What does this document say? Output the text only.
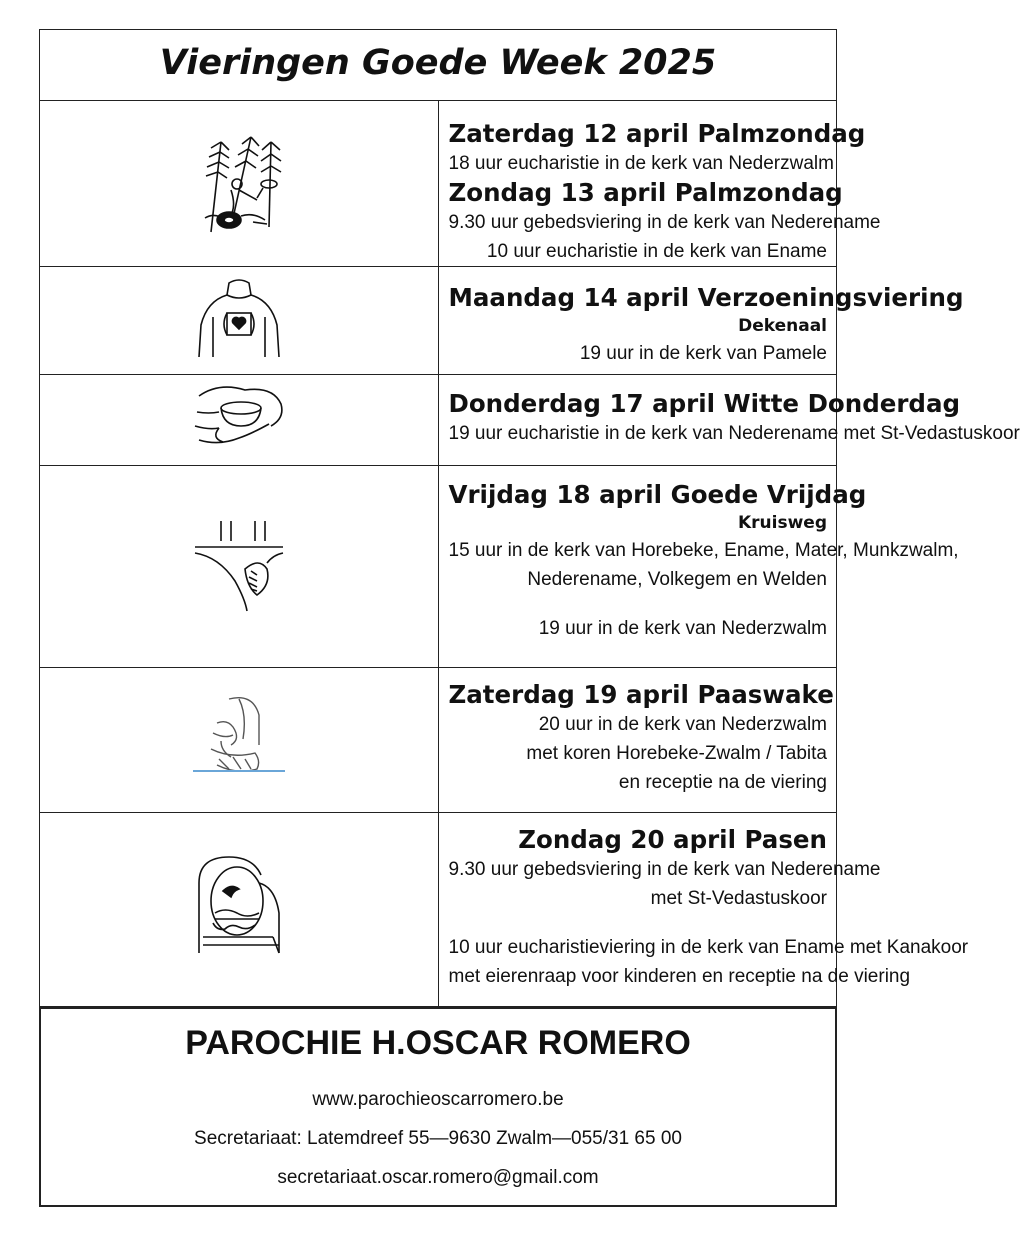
Vieringen Goede Week 2025	

Zaterdag 12 april Palmzondag
18 uur eucharistie in de kerk van Nederzwalm
Zondag 13 april Palmzondag
9.30 uur gebedsviering in de kerk van Nederename
10 uur eucharistie in de kerk van Ename

Maandag 14 april Verzoeningsviering
Dekenaal
19 uur in de kerk van Pamele

Donderdag 17 april Witte Donderdag
19 uur eucharistie in de kerk van Nederename met St-Vedastuskoor

Vrijdag 18 april Goede Vrijdag
Kruisweg
15 uur in de kerk van Horebeke, Ename, Mater, Munkzwalm,
Nederename, Volkegem en Welden
19 uur in de kerk van Nederzwalm

Zaterdag 19 april Paaswake
20 uur in de kerk van Nederzwalm
met koren Horebeke-Zwalm / Tabita
en receptie na de viering

Zondag 20 april Pasen
9.30 uur gebedsviering in de kerk van Nederename
met St-Vedastuskoor
10 uur eucharistieviering in de kerk van Ename met Kanakoor
met eierenraap voor kinderen en receptie na de viering
PAROCHIE H.OSCAR ROMERO
www.parochieoscarromero.be
Secretariaat: Latemdreef 55—9630 Zwalm—055/31 65 00
secretariaat.oscar.romero@gmail.com
